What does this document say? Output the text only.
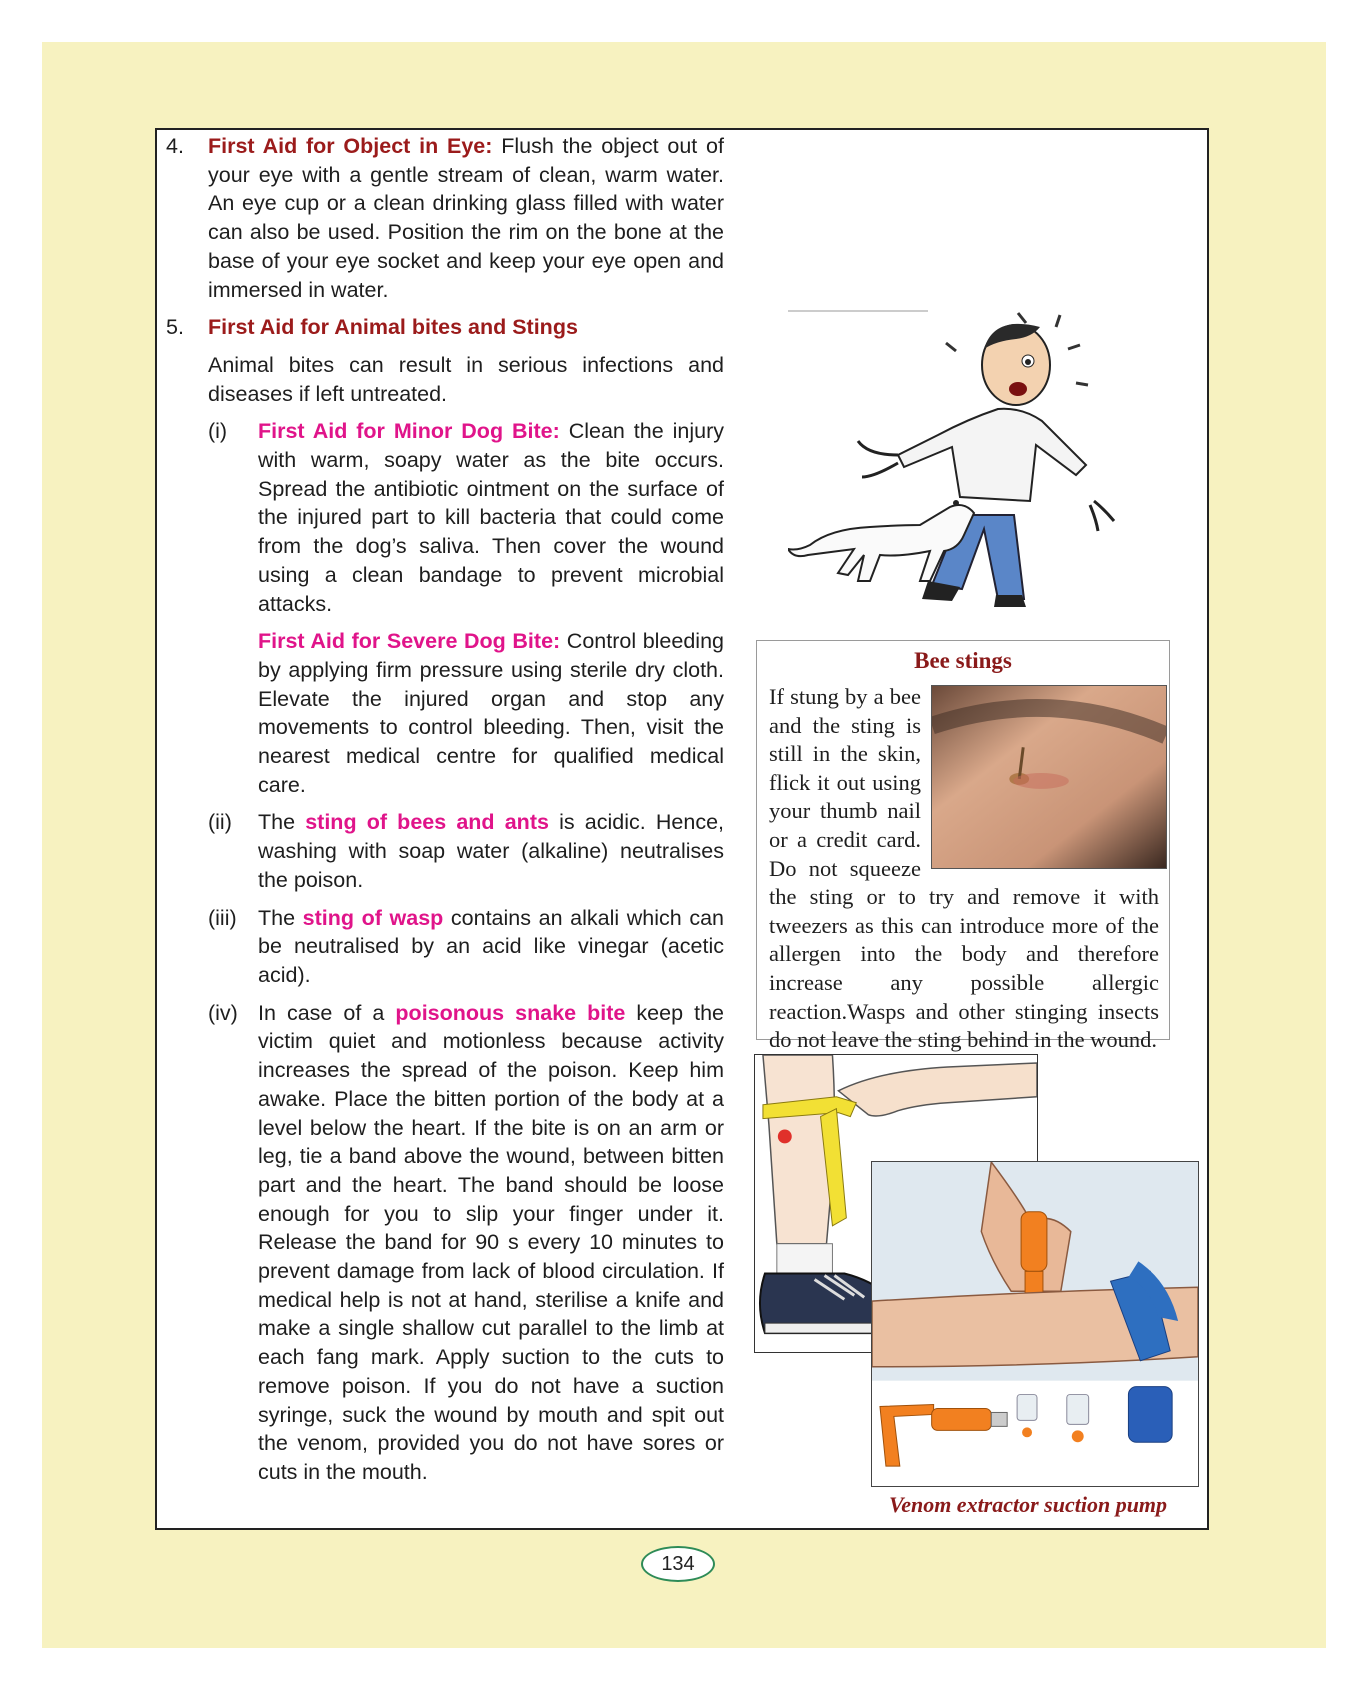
4. First Aid for Object in Eye: Flush the object out of your eye with a gentle stream of clean, warm water. An eye cup or a clean drinking glass filled with water can also be used. Position the rim on the bone at the base of your eye socket and keep your eye open and immersed in water.

5. First Aid for Animal bites and Stings

Animal bites can result in serious infections and diseases if left untreated.

(i) First Aid for Minor Dog Bite: Clean the injury with warm, soapy water as the bite occurs. Spread the antibiotic ointment on the surface of the injured part to kill bacteria that could come from the dog’s saliva. Then cover the wound using a clean bandage to prevent microbial attacks.

First Aid for Severe Dog Bite: Control bleeding by applying firm pressure using sterile dry cloth. Elevate the injured organ and stop any movements to control bleeding. Then, visit the nearest medical centre for qualified medical care.

(ii) The sting of bees and ants is acidic. Hence, washing with soap water (alkaline) neutralises the poison.

(iii) The sting of wasp contains an alkali which can be neutralised by an acid like vinegar (acetic acid).

(iv) In case of a poisonous snake bite keep the victim quiet and motionless because activity increases the spread of the poison. Keep him awake. Place the bitten portion of the body at a level below the heart. If the bite is on an arm or leg, tie a band above the wound, between bitten part and the heart. The band should be loose enough for you to slip your finger under it. Release the band for 90 s every 10 minutes to prevent damage from lack of blood circulation. If medical help is not at hand, sterilise a knife and make a single shallow cut parallel to the limb at each fang mark. Apply suction to the cuts to remove poison. If you do not have a suction syringe, suck the wound by mouth and spit out the venom, provided you do not have sores or cuts in the mouth.

Bee stings
If stung by a bee and the sting is still in the skin, flick it out using your thumb nail or a credit card. Do not squeeze the sting or to try and remove it with tweezers as this can introduce more of the allergen into the body and therefore increase any possible allergic reaction.Wasps and other stinging insects do not leave the sting behind in the wound.
Venom extractor suction pump
134
